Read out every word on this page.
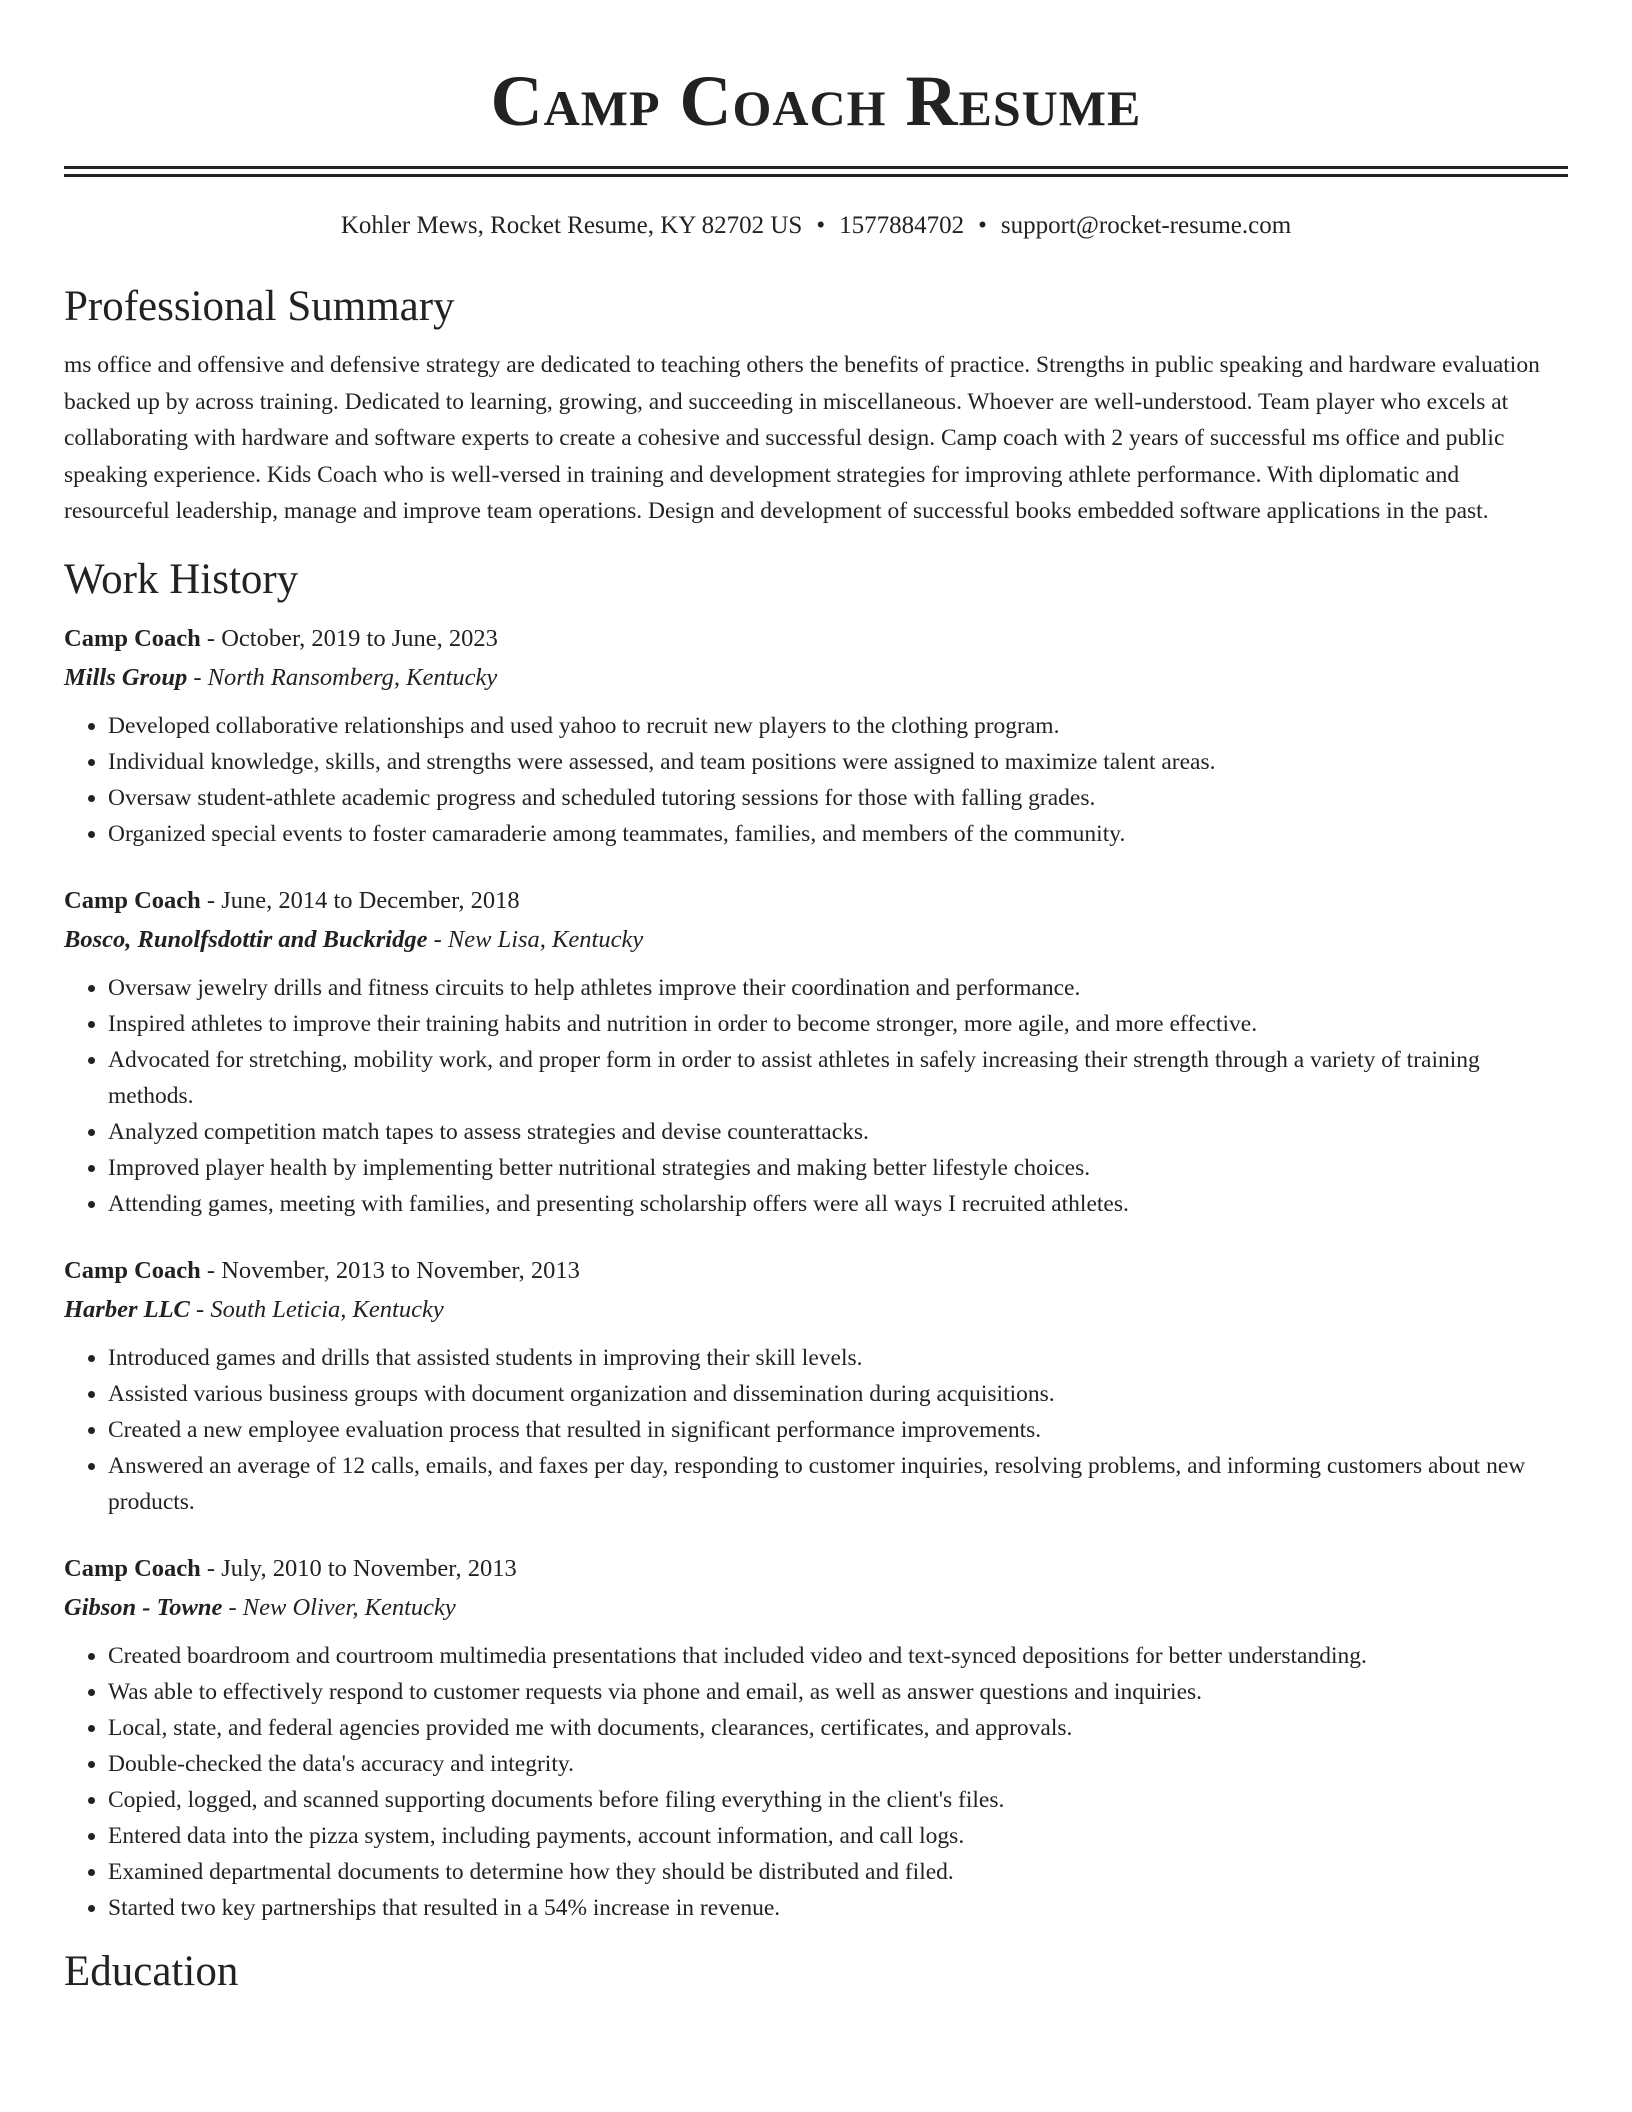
Camp Coach Resume
Kohler Mews, Rocket Resume, KY 82702 US • 1577884702 • support@rocket-resume.com
Professional Summary
ms office and offensive and defensive strategy are dedicated to teaching others the benefits of practice. Strengths in public speaking and hardware evaluation backed up by across training. Dedicated to learning, growing, and succeeding in miscellaneous. Whoever are well-understood. Team player who excels at collaborating with hardware and software experts to create a cohesive and successful design. Camp coach with 2 years of successful ms office and public speaking experience. Kids Coach who is well-versed in training and development strategies for improving athlete performance. With diplomatic and resourceful leadership, manage and improve team operations. Design and development of successful books embedded software applications in the past.
Work History
Camp Coach - October, 2019 to June, 2023
Mills Group - North Ransomberg, Kentucky
• Developed collaborative relationships and used yahoo to recruit new players to the clothing program.
• Individual knowledge, skills, and strengths were assessed, and team positions were assigned to maximize talent areas.
• Oversaw student-athlete academic progress and scheduled tutoring sessions for those with falling grades.
• Organized special events to foster camaraderie among teammates, families, and members of the community.
Camp Coach - June, 2014 to December, 2018
Bosco, Runolfsdottir and Buckridge - New Lisa, Kentucky
• Oversaw jewelry drills and fitness circuits to help athletes improve their coordination and performance.
• Inspired athletes to improve their training habits and nutrition in order to become stronger, more agile, and more effective.
• Advocated for stretching, mobility work, and proper form in order to assist athletes in safely increasing their strength through a variety of training methods.
• Analyzed competition match tapes to assess strategies and devise counterattacks.
• Improved player health by implementing better nutritional strategies and making better lifestyle choices.
• Attending games, meeting with families, and presenting scholarship offers were all ways I recruited athletes.
Camp Coach - November, 2013 to November, 2013
Harber LLC - South Leticia, Kentucky
• Introduced games and drills that assisted students in improving their skill levels.
• Assisted various business groups with document organization and dissemination during acquisitions.
• Created a new employee evaluation process that resulted in significant performance improvements.
• Answered an average of 12 calls, emails, and faxes per day, responding to customer inquiries, resolving problems, and informing customers about new products.
Camp Coach - July, 2010 to November, 2013
Gibson - Towne - New Oliver, Kentucky
• Created boardroom and courtroom multimedia presentations that included video and text-synced depositions for better understanding.
• Was able to effectively respond to customer requests via phone and email, as well as answer questions and inquiries.
• Local, state, and federal agencies provided me with documents, clearances, certificates, and approvals.
• Double-checked the data's accuracy and integrity.
• Copied, logged, and scanned supporting documents before filing everything in the client's files.
• Entered data into the pizza system, including payments, account information, and call logs.
• Examined departmental documents to determine how they should be distributed and filed.
• Started two key partnerships that resulted in a 54% increase in revenue.
Education
